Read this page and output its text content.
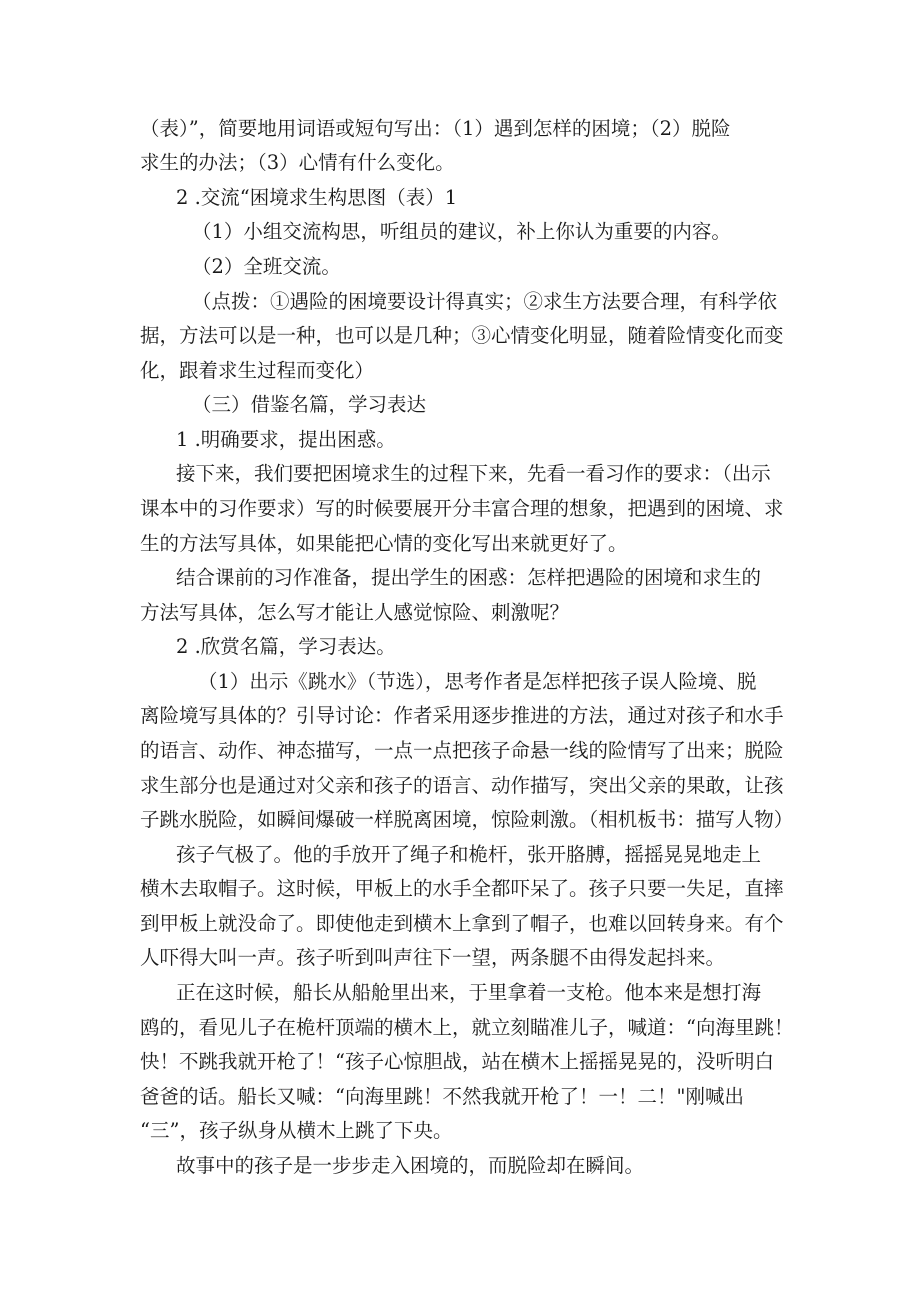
（表）”，简要地用词语或短句写出：（1）遇到怎样的困境；（2）脱险

求生的办法；（3）心情有什么变化。

2 .交流“困境求生构思图（表）1

（1）小组交流构思，听组员的建议，补上你认为重要的内容。

（2）全班交流。

（点拨：①遇险的困境要设计得真实；②求生方法要合理，有科学依

据，方法可以是一种，也可以是几种；③心情变化明显，随着险情变化而变

化，跟着求生过程而变化）

（三）借鉴名篇，学习表达

1 .明确要求，提出困惑。

接下来，我们要把困境求生的过程下来，先看一看习作的要求：（出示

课本中的习作要求）写的时候要展开分丰富合理的想象，把遇到的困境、求

生的方法写具体，如果能把心情的变化写出来就更好了。

结合课前的习作准备，提出学生的困惑：怎样把遇险的困境和求生的

方法写具体，怎么写才能让人感觉惊险、刺激呢？

2 .欣赏名篇，学习表达。

（1）出示《跳水》（节选），思考作者是怎样把孩子误人险境、脱

离险境写具体的？引导讨论：作者采用逐步推进的方法，通过对孩子和水手

的语言、动作、神态描写，一点一点把孩子命悬一线的险情写了出来；脱险

求生部分也是通过对父亲和孩子的语言、动作描写，突出父亲的果敢，让孩

子跳水脱险，如瞬间爆破一样脱离困境，惊险刺激。（相机板书：描写人物）

孩子气极了。他的手放开了绳子和桅杆，张开胳膊，摇摇晃晃地走上

横木去取帽子。这时候，甲板上的水手全都吓呆了。孩子只要一失足，直摔

到甲板上就没命了。即使他走到横木上拿到了帽子，也难以回转身来。有个

人吓得大叫一声。孩子听到叫声往下一望，两条腿不由得发起抖来。

正在这时候，船长从船舱里出来，于里拿着一支枪。他本来是想打海

鸥的，看见儿子在桅杆顶端的横木上，就立刻瞄准儿子，喊道：“向海里跳！

快！不跳我就开枪了！“孩子心惊胆战，站在横木上摇摇晃晃的，没听明白

爸爸的话。船长又喊：“向海里跳！不然我就开枪了！一！二！"刚喊出

“三”，孩子纵身从横木上跳了下央。

故事中的孩子是一步步走入困境的，而脱险却在瞬间。
